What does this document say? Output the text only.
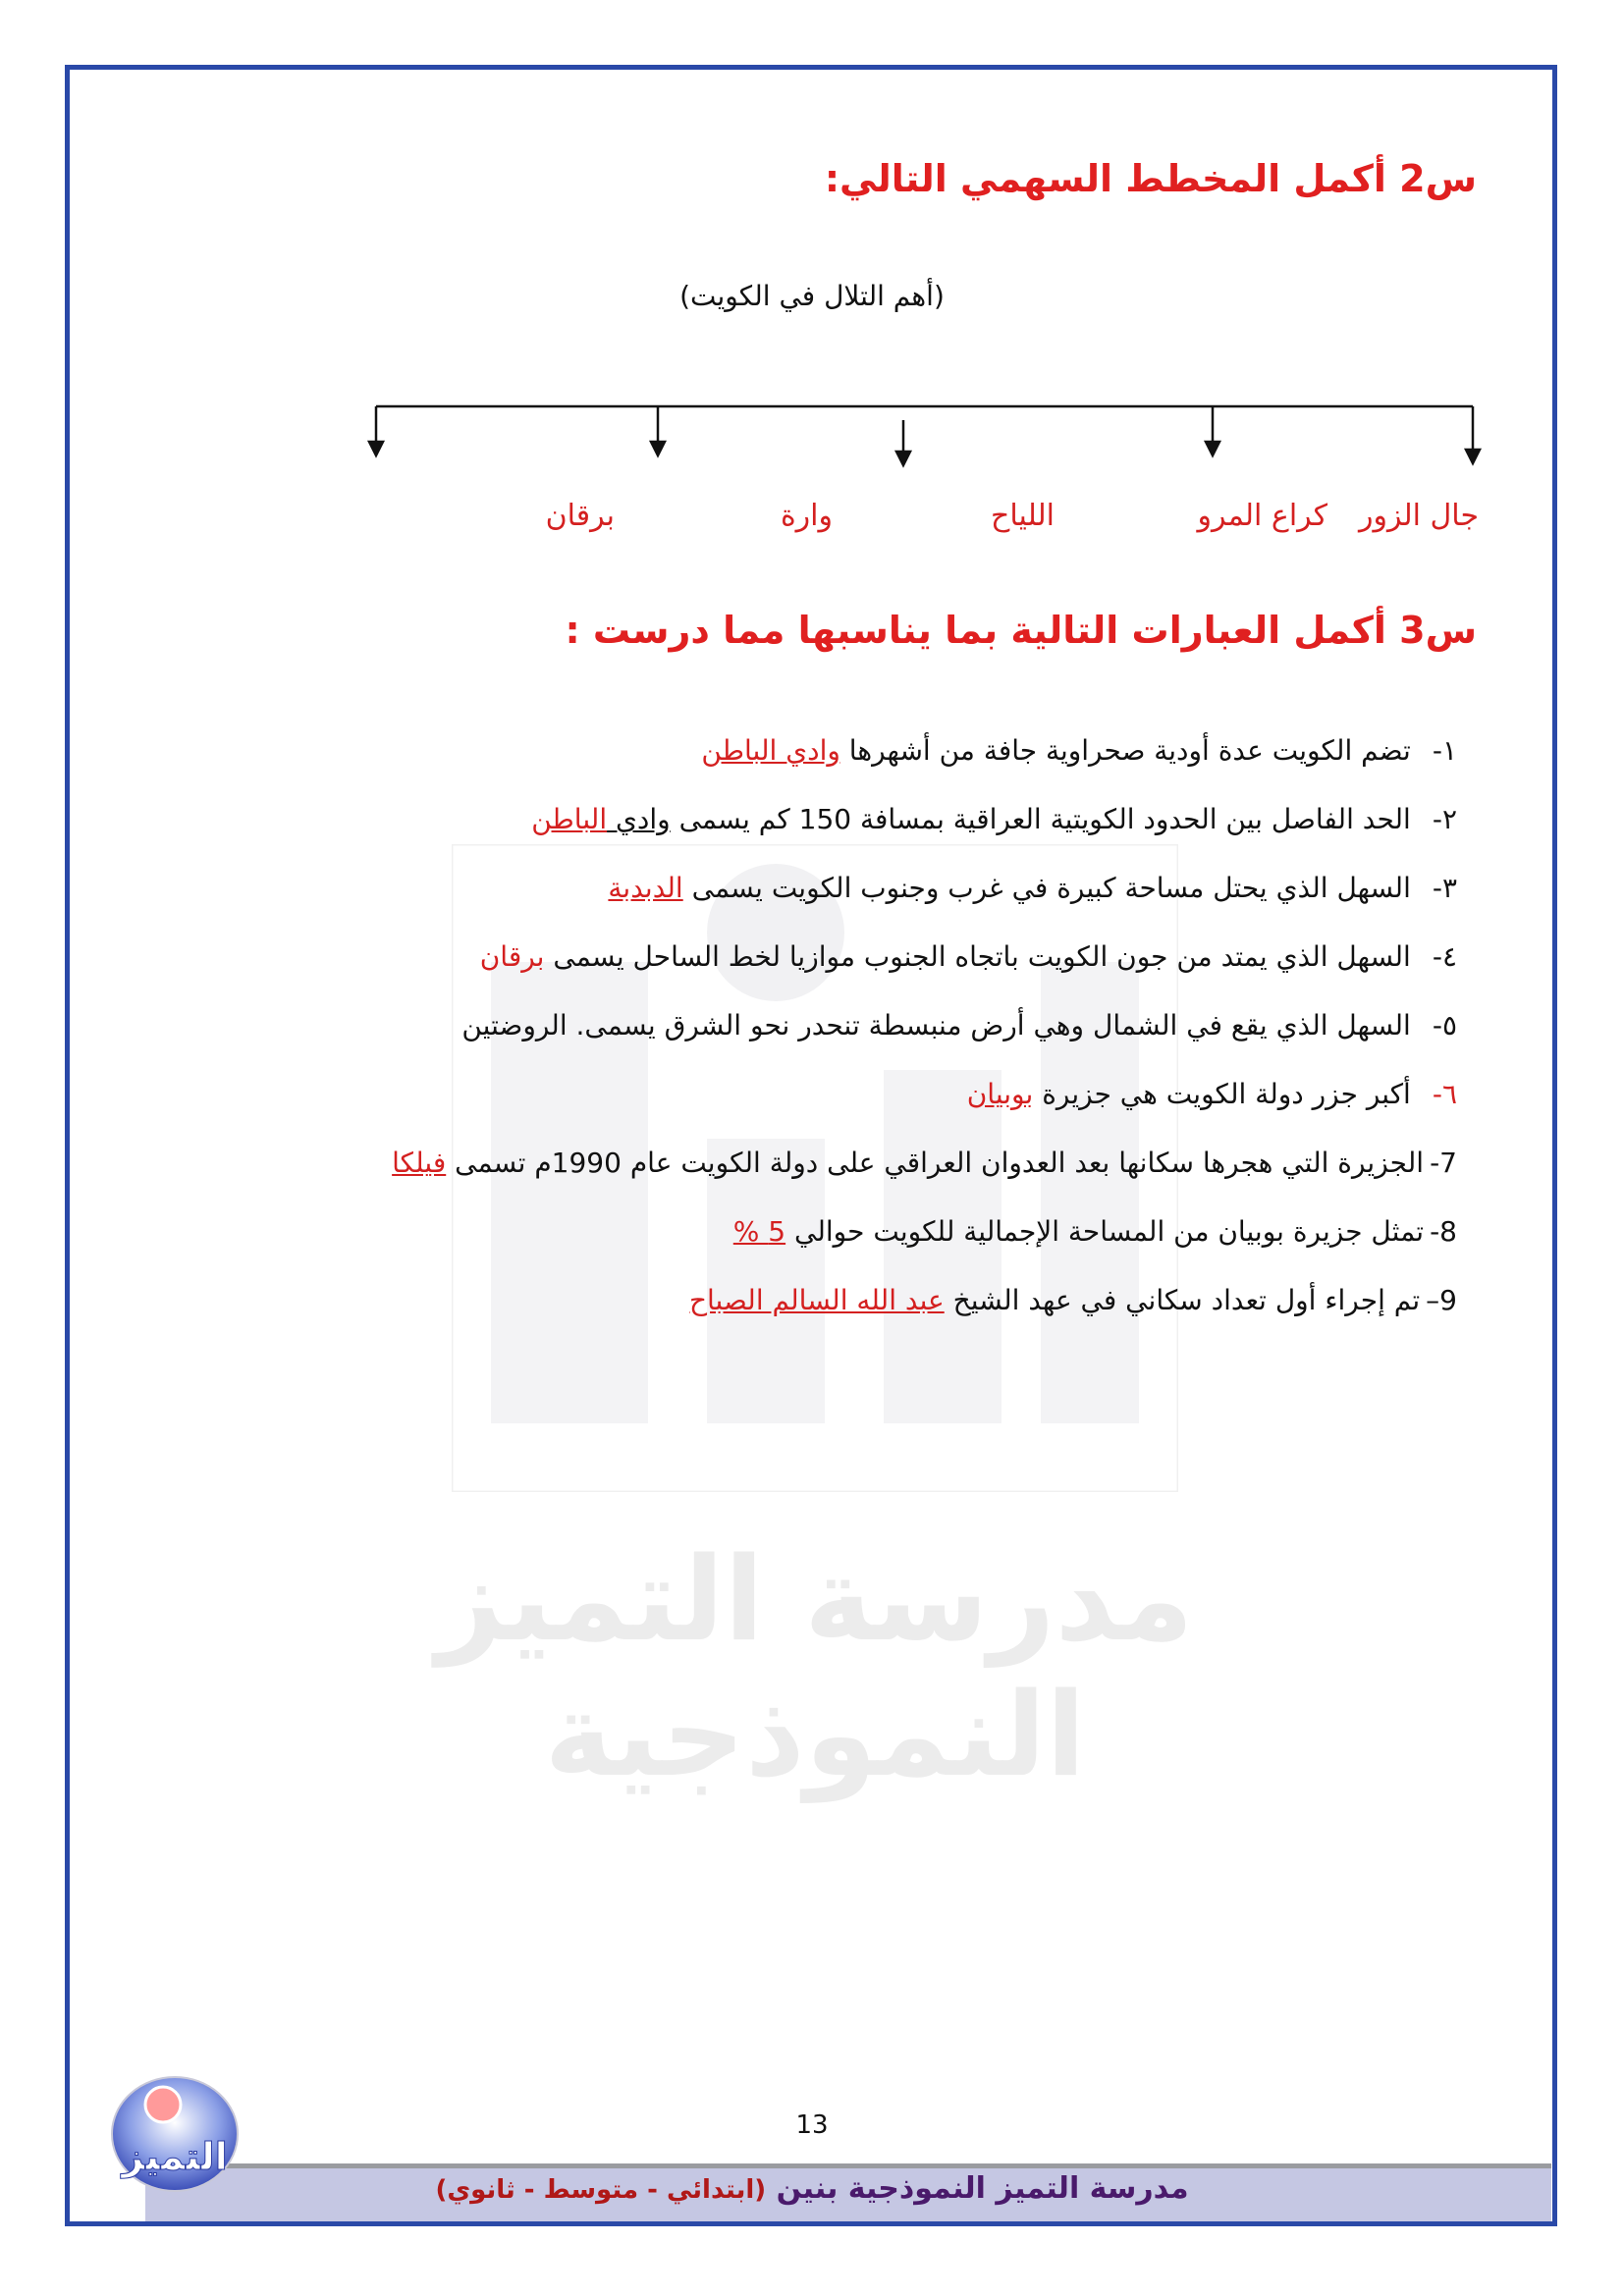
مدرسة التميز النموذجية
س2 أكمل المخطط السهمي التالي:
(أهم التلال في الكويت)
جال الزور
كراع المرو
اللياح
وارة
برقان
س3 أكمل العبارات التالية بما يناسبها مما درست :
١-تضم الكويت عدة أودية صحراوية جافة من أشهرها وادي الباطن
٢-الحد الفاصل بين الحدود الكويتية العراقية بمسافة 150 كم يسمى وادي الباطن
٣-السهل الذي يحتل مساحة كبيرة في غرب وجنوب الكويت يسمى الدبدبة
٤-السهل الذي يمتد من جون الكويت باتجاه الجنوب موازيا لخط الساحل يسمى برقان
٥-السهل الذي يقع في الشمال وهي أرض منبسطة تنحدر نحو الشرق يسمى. الروضتين
٦-أكبر جزر دولة الكويت هي جزيرة بوبيان
7-الجزيرة التي هجرها سكانها بعد العدوان العراقي على دولة الكويت عام 1990م تسمى فيلكا
8-تمثل جزيرة بوبيان من المساحة الإجمالية للكويت حوالي 5 %
9–تم إجراء أول تعداد سكاني في عهد الشيخ عبد الله السالم الصباح
13
مدرسة التميز النموذجية بنين (ابتدائي - متوسط - ثانوي)
التميز
